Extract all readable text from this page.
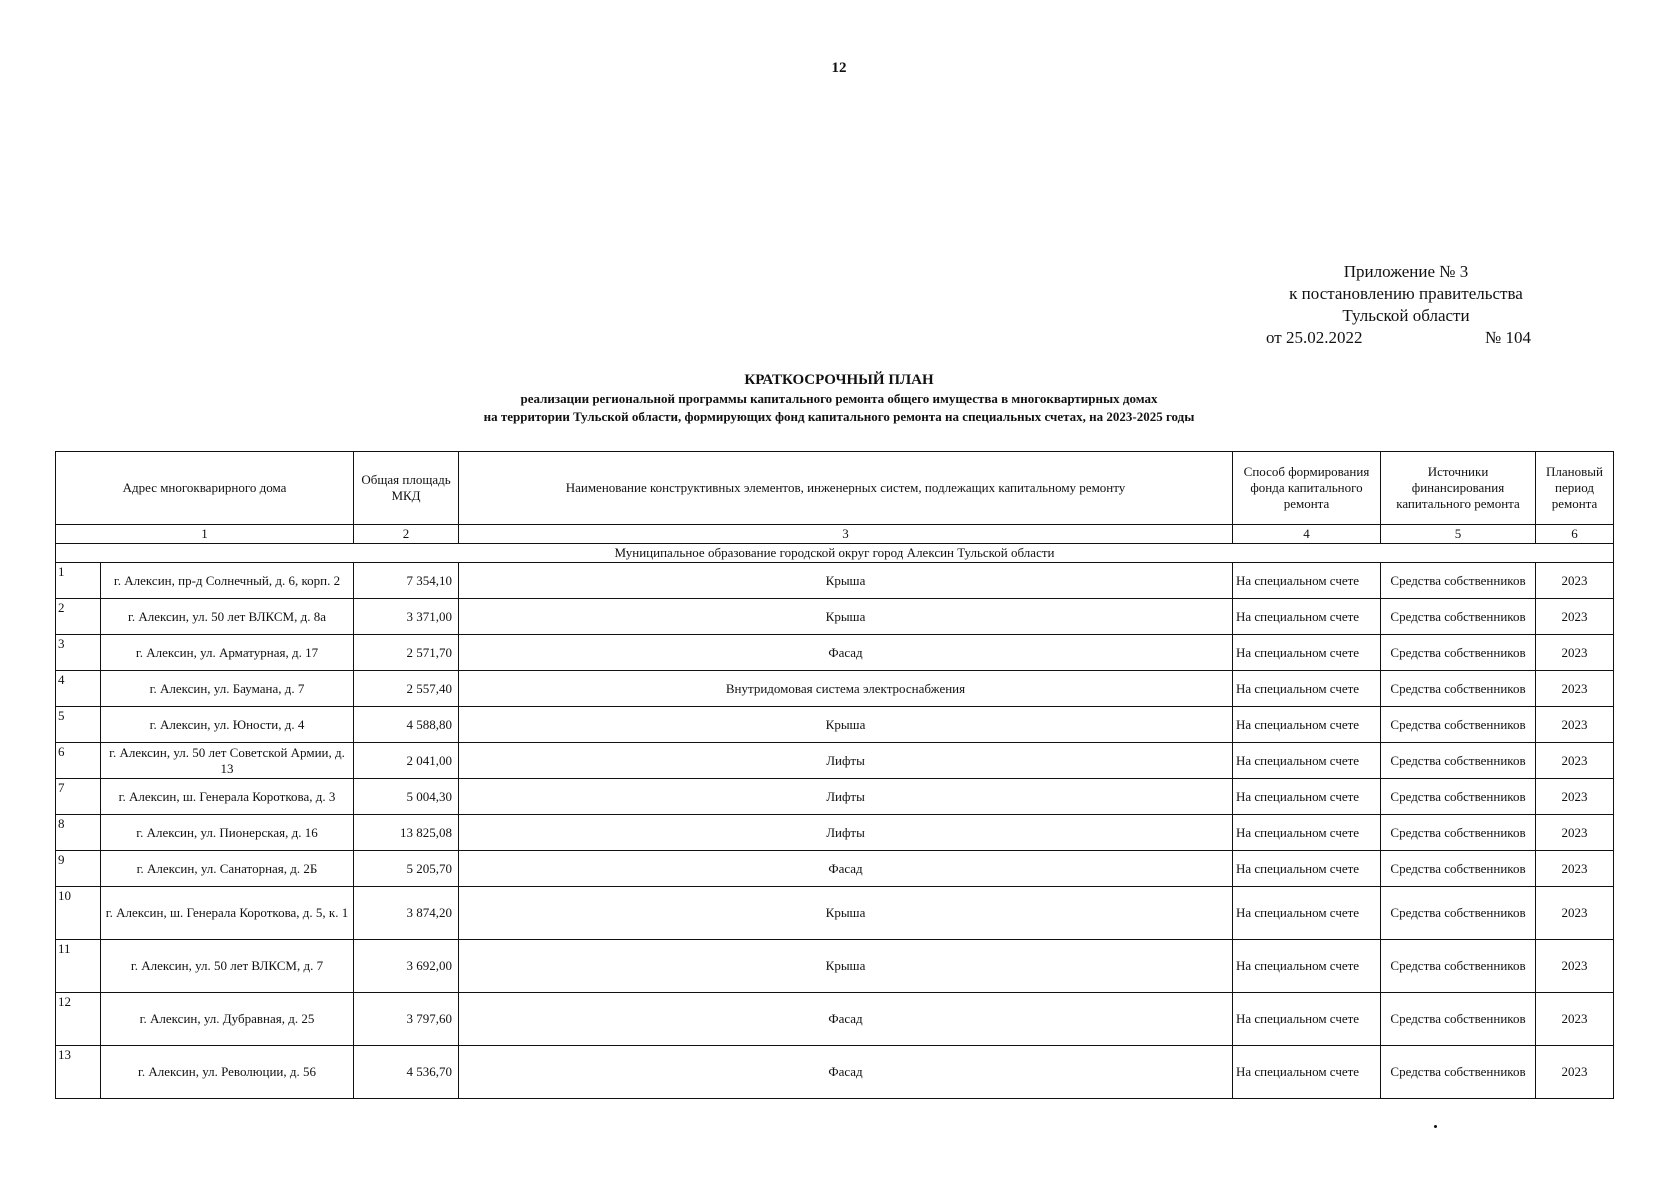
12
Приложение № 3
к постановлению правительства
Тульской области
от 25.02.2022	№ 104
КРАТКОСРОЧНЫЙ ПЛАН
реализации региональной программы капитального ремонта общего имущества в многоквартирных домах
на территории Тульской области, формирующих фонд капитального ремонта на специальных счетах, на 2023-2025 годы
Адрес многокварирного дома		Общая площадь МКД	Наименование конструктивных элементов, инженерных систем, подлежащих капитальному ремонту	Способ формирования фонда капитального ремонта	Источники финансирования капитального ремонта	Плановый период ремонта
1		2	3	4	5	6
Муниципальное образование городской округ город Алексин Тульской области						
1	г. Алексин, пр-д Солнечный, д. 6, корп. 2	7 354,10	Крыша	На специальном счете	Средства собственников	2023
2	г. Алексин, ул. 50 лет ВЛКСМ, д. 8а	3 371,00	Крыша	На специальном счете	Средства собственников	2023
3	г. Алексин, ул. Арматурная, д. 17	2 571,70	Фасад	На специальном счете	Средства собственников	2023
4	г. Алексин, ул. Баумана, д. 7	2 557,40	Внутридомовая система электроснабжения	На специальном счете	Средства собственников	2023
5	г. Алексин, ул. Юности, д. 4	4 588,80	Крыша	На специальном счете	Средства собственников	2023
6	г. Алексин, ул. 50 лет Советской Армии, д. 13	2 041,00	Лифты	На специальном счете	Средства собственников	2023
7	г. Алексин, ш. Генерала Короткова, д. 3	5 004,30	Лифты	На специальном счете	Средства собственников	2023
8	г. Алексин, ул. Пионерская, д. 16	13 825,08	Лифты	На специальном счете	Средства собственников	2023
9	г. Алексин, ул. Санаторная, д. 2Б	5 205,70	Фасад	На специальном счете	Средства собственников	2023
10	г. Алексин, ш. Генерала Короткова, д. 5, к. 1	3 874,20	Крыша	На специальном счете	Средства собственников	2023
11	г. Алексин, ул. 50 лет ВЛКСМ, д. 7	3 692,00	Крыша	На специальном счете	Средства собственников	2023
12	г. Алексин, ул. Дубравная, д. 25	3 797,60	Фасад	На специальном счете	Средства собственников	2023
13	г. Алексин, ул. Революции, д. 56	4 536,70	Фасад	На специальном счете	Средства собственников	2023
